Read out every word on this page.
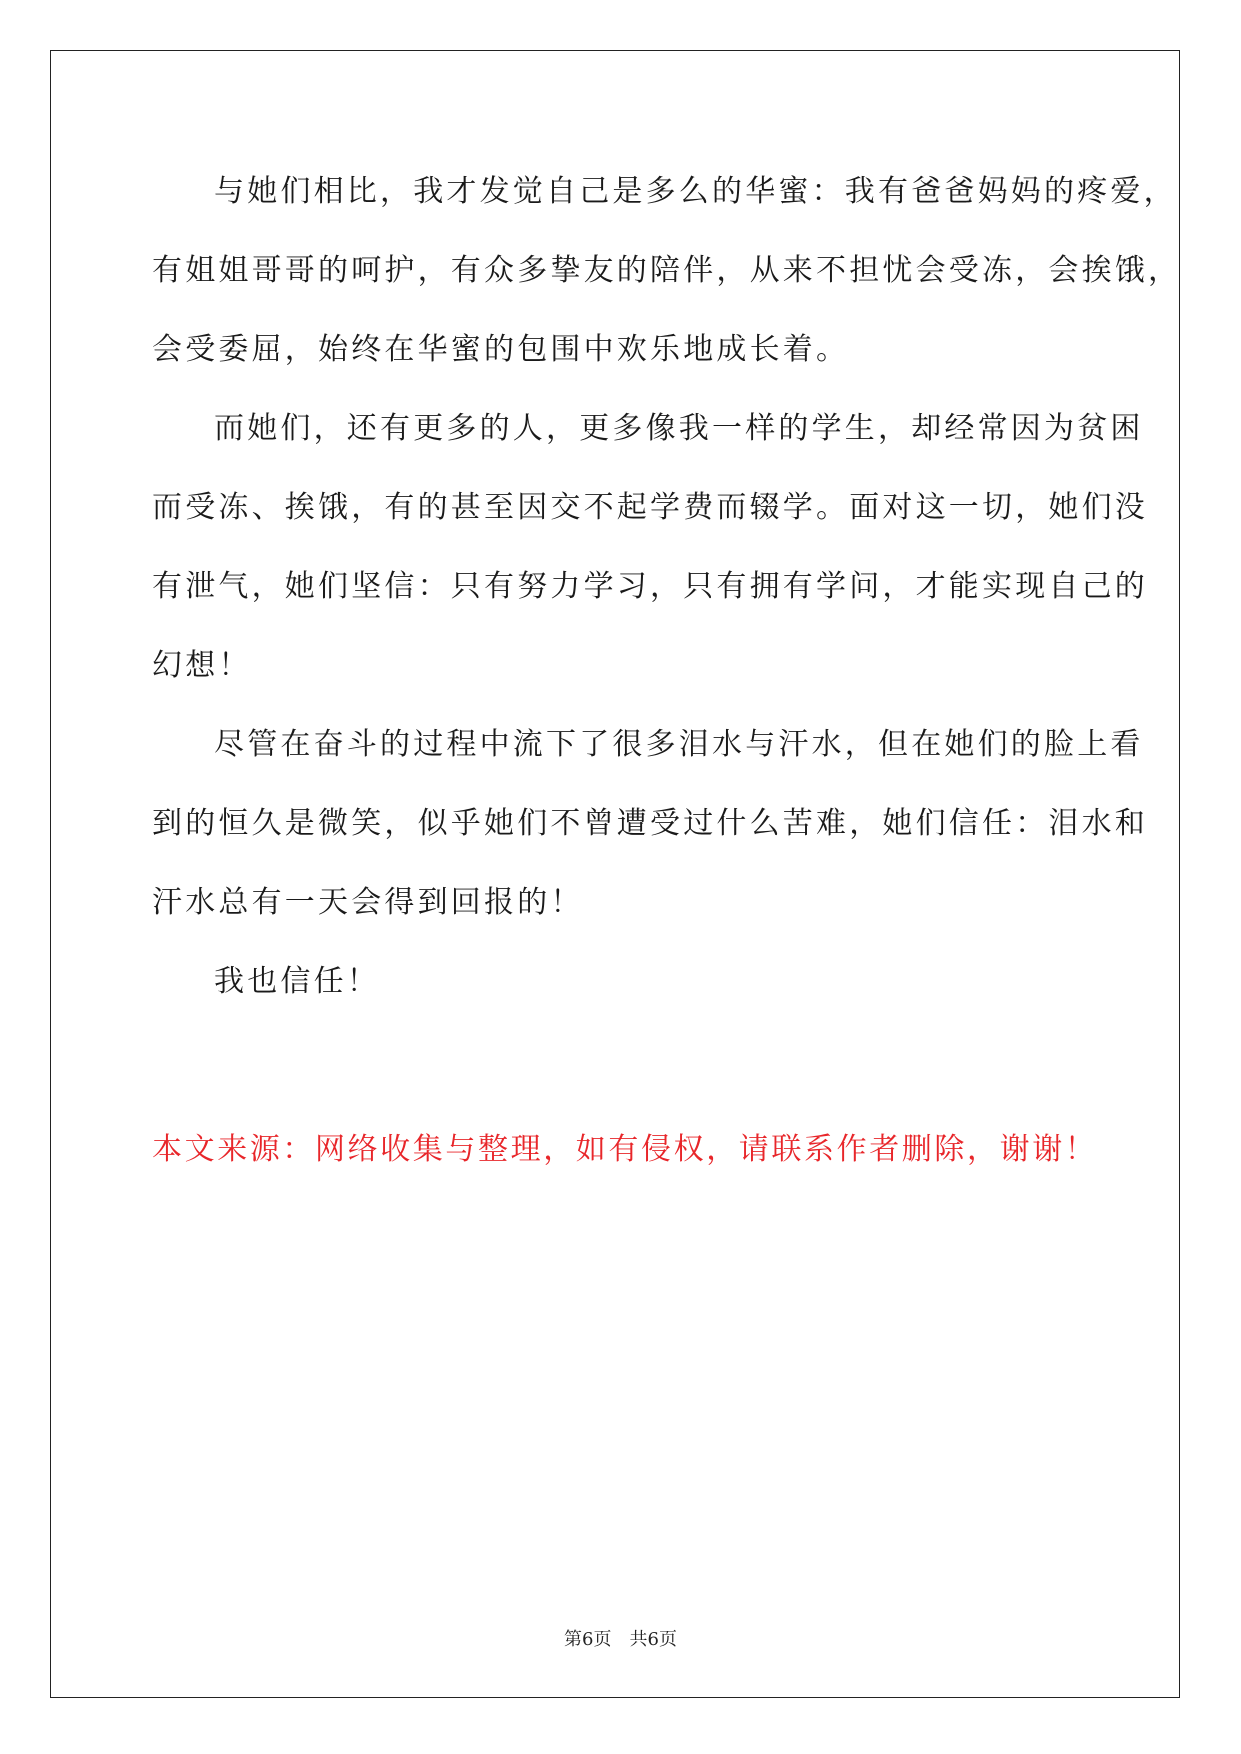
与她们相比，我才发觉自己是多么的华蜜：我有爸爸妈妈的疼爱，
有姐姐哥哥的呵护，有众多挚友的陪伴，从来不担忧会受冻，会挨饿，
会受委屈，始终在华蜜的包围中欢乐地成长着。
而她们，还有更多的人，更多像我一样的学生，却经常因为贫困
而受冻、挨饿，有的甚至因交不起学费而辍学。面对这一切，她们没
有泄气，她们坚信：只有努力学习，只有拥有学问，才能实现自己的
幻想！
尽管在奋斗的过程中流下了很多泪水与汗水，但在她们的脸上看
到的恒久是微笑，似乎她们不曾遭受过什么苦难，她们信任：泪水和
汗水总有一天会得到回报的！
我也信任！
本文来源：网络收集与整理，如有侵权，请联系作者删除，谢谢！
第6页　共6页
